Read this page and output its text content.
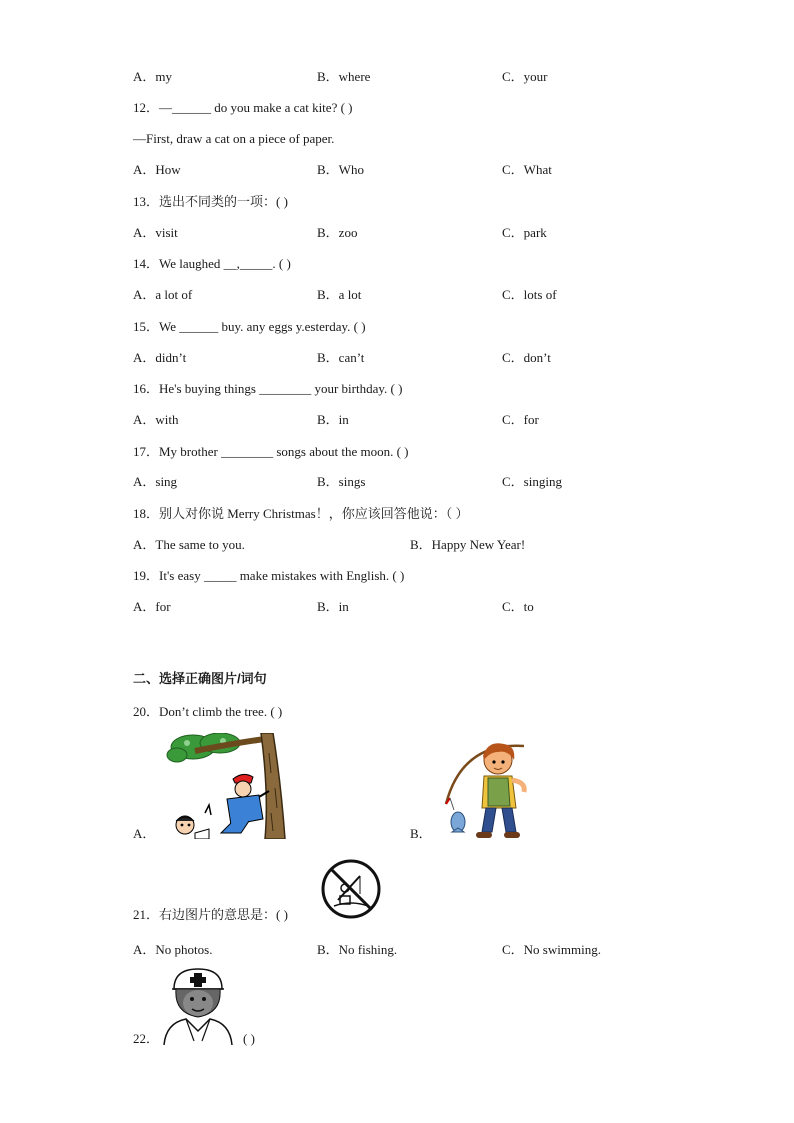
A．my	B．where	C．your
12．—______ do you make a cat kite? ( )
—First, draw a cat on a piece of paper.
A．How	B．Who	C．What
13．选出不同类的一项：( )
A．visit	B．zoo	C．park
14．We laughed __,_____. ( )
A．a lot of	B．a lot	C．lots of
15．We ______ buy. any eggs y.esterday. ( )
A．didn’t	B．can’t	C．don’t
16．He's buying things ________ your birthday. ( )
A．with	B．in	C．for
17．My brother ________ songs about the moon. ( )
A．sing	B．sings	C．singing
18．别人对你说 Merry Christmas！，你应该回答他说：（ ）
A．The same to you.	B．Happy New Year!
19．It's easy _____ make mistakes with English. ( )
A．for	B．in	C．to
二、选择正确图片/词句
20．Don’t climb the tree. ( )
A．	B．
21．右边图片的意思是：( )
A．No photos.	B．No fishing.	C．No swimming.
22．	( )
